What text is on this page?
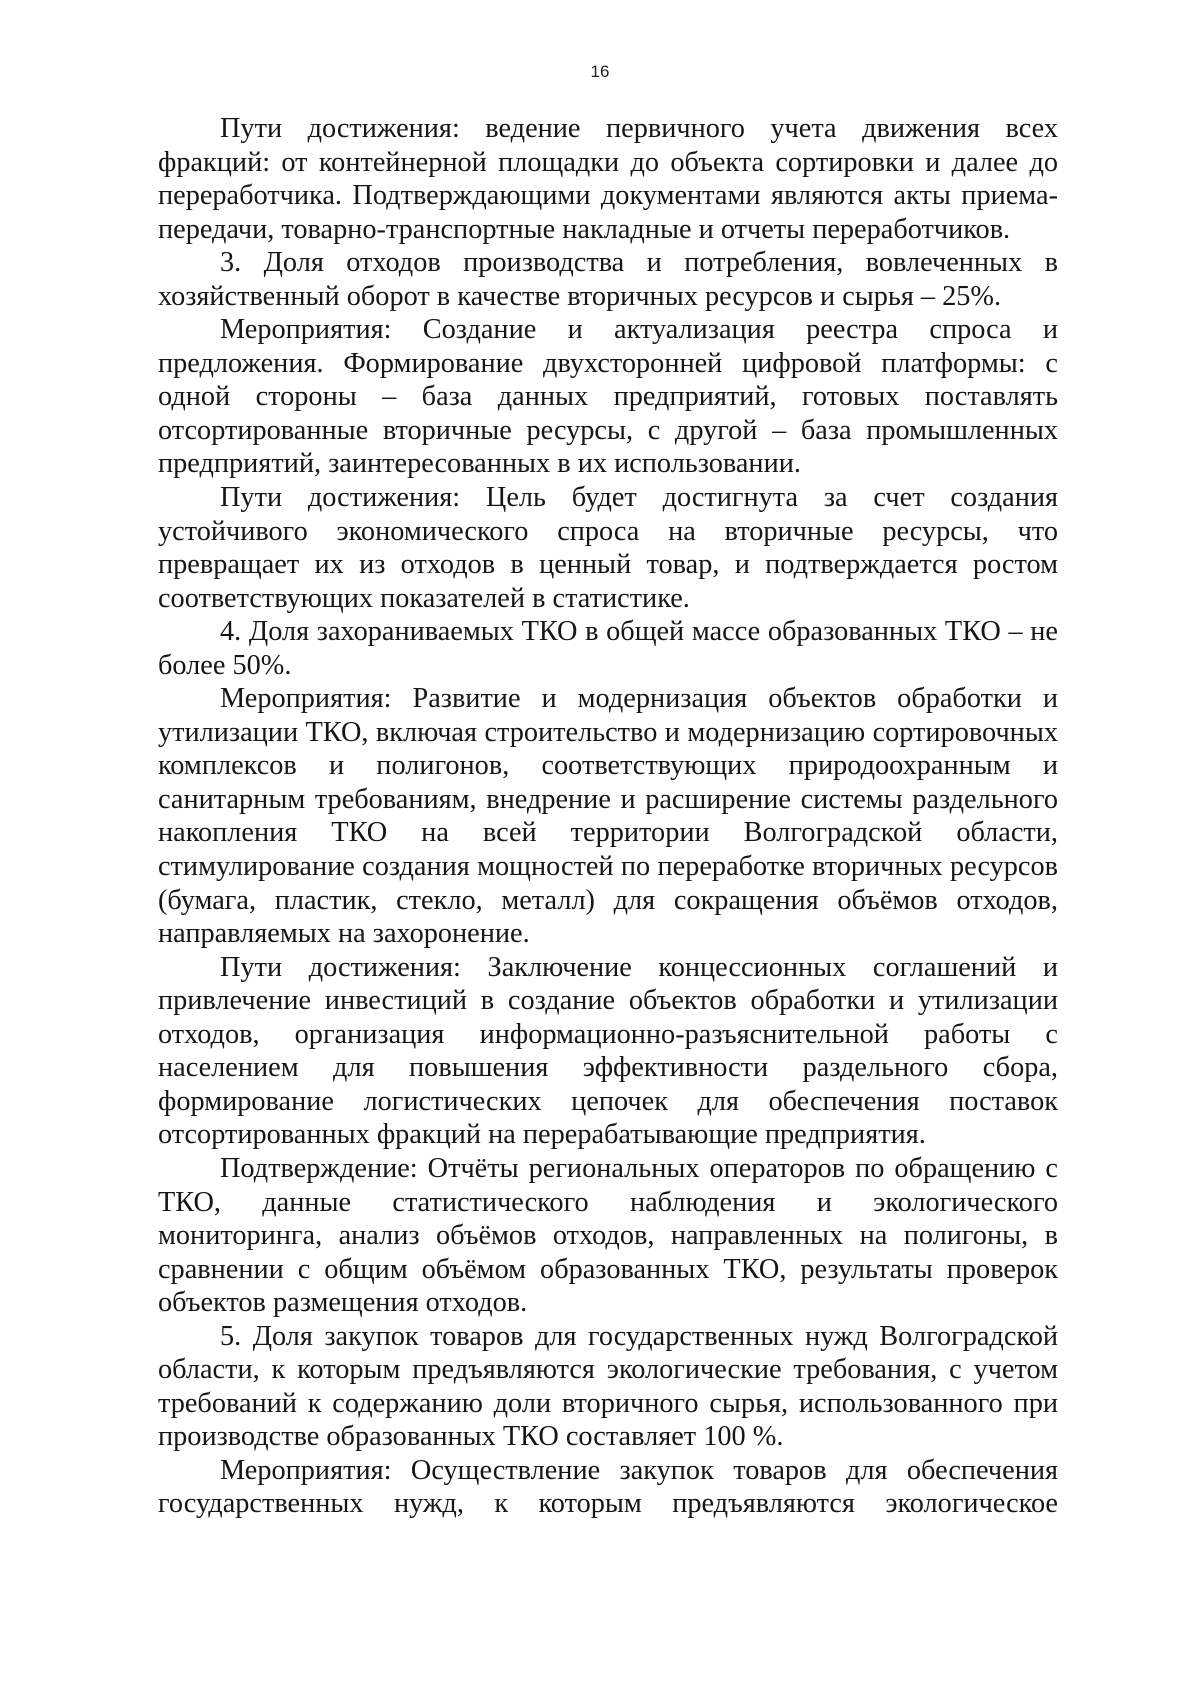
16

Пути достижения: ведение первичного учета движения всех фракций: от контейнерной площадки до объекта сортировки и далее до переработчика. Подтверждающими документами являются акты приема-передачи, товарно-транспортные накладные и отчеты переработчиков.

3. Доля отходов производства и потребления, вовлеченных в хозяйственный оборот в качестве вторичных ресурсов и сырья – 25%.

Мероприятия: Создание и актуализация реестра спроса и предложения. Формирование двухсторонней цифровой платформы: с одной стороны – база данных предприятий, готовых поставлять отсортированные вторичные ресурсы, с другой – база промышленных предприятий, заинтересованных в их использовании.

Пути достижения: Цель будет достигнута за счет создания устойчивого экономического спроса на вторичные ресурсы, что превращает их из отходов в ценный товар, и подтверждается ростом соответствующих показателей в статистике.

4. Доля захораниваемых ТКО в общей массе образованных ТКО – не более 50%.

Мероприятия: Развитие и модернизация объектов обработки и утилизации ТКО, включая строительство и модернизацию сортировочных комплексов и полигонов, соответствующих природоохранным и санитарным требованиям, внедрение и расширение системы раздельного накопления ТКО на всей территории Волгоградской области, стимулирование создания мощностей по переработке вторичных ресурсов (бумага, пластик, стекло, металл) для сокращения объёмов отходов, направляемых на захоронение.

Пути достижения: Заключение концессионных соглашений и привлечение инвестиций в создание объектов обработки и утилизации отходов, организация информационно-разъяснительной работы с населением для повышения эффективности раздельного сбора, формирование логистических цепочек для обеспечения поставок отсортированных фракций на перерабатывающие предприятия.

Подтверждение: Отчёты региональных операторов по обращению с ТКО, данные статистического наблюдения и экологического мониторинга, анализ объёмов отходов, направленных на полигоны, в сравнении с общим объёмом образованных ТКО, результаты проверок объектов размещения отходов.

5. Доля закупок товаров для государственных нужд Волгоградской области, к которым предъявляются экологические требования, с учетом требований к содержанию доли вторичного сырья, использованного при производстве образованных ТКО составляет 100 %.

Мероприятия: Осуществление закупок товаров для обеспечения государственных нужд, к которым предъявляются экологическое
